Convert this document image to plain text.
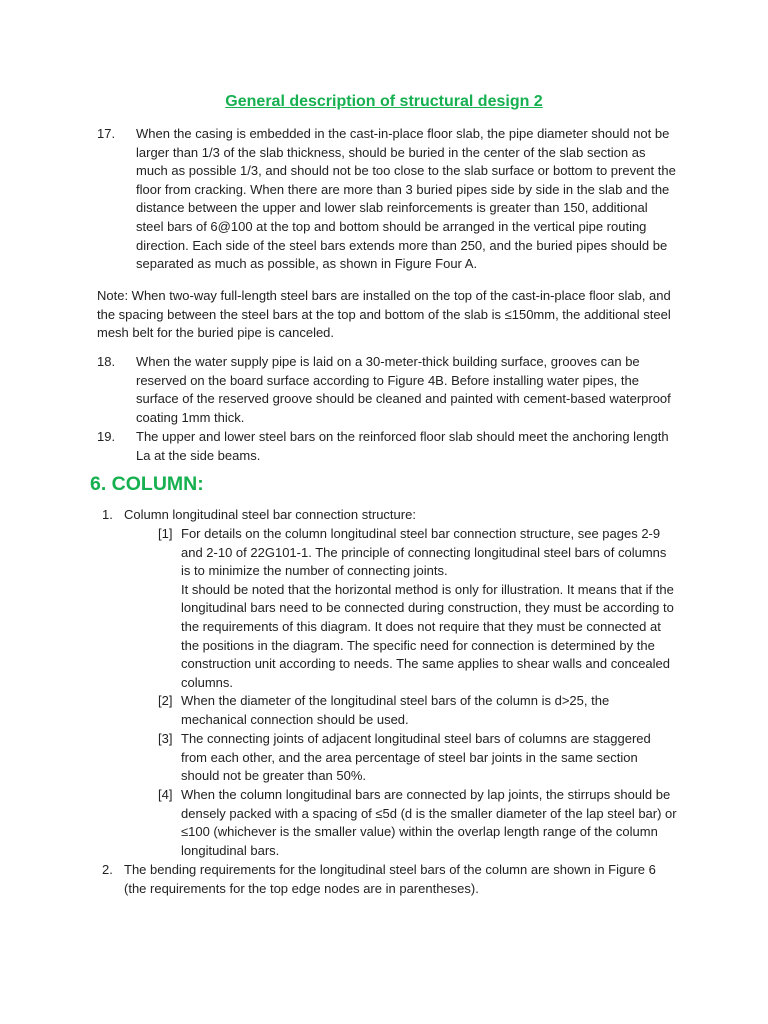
General description of structural design 2
17. When the casing is embedded in the cast-in-place floor slab, the pipe diameter should not be larger than 1/3 of the slab thickness, should be buried in the center of the slab section as much as possible 1/3, and should not be too close to the slab surface or bottom to prevent the floor from cracking. When there are more than 3 buried pipes side by side in the slab and the distance between the upper and lower slab reinforcements is greater than 150, additional steel bars of 6@100 at the top and bottom should be arranged in the vertical pipe routing direction. Each side of the steel bars extends more than 250, and the buried pipes should be separated as much as possible, as shown in Figure Four A.
Note: When two-way full-length steel bars are installed on the top of the cast-in-place floor slab, and the spacing between the steel bars at the top and bottom of the slab is ≤150mm, the additional steel mesh belt for the buried pipe is canceled.
18. When the water supply pipe is laid on a 30-meter-thick building surface, grooves can be reserved on the board surface according to Figure 4B. Before installing water pipes, the surface of the reserved groove should be cleaned and painted with cement-based waterproof coating 1mm thick.
19. The upper and lower steel bars on the reinforced floor slab should meet the anchoring length La at the side beams.
6. COLUMN:
1. Column longitudinal steel bar connection structure:
[1] For details on the column longitudinal steel bar connection structure, see pages 2-9 and 2-10 of 22G101-1. The principle of connecting longitudinal steel bars of columns is to minimize the number of connecting joints.
It should be noted that the horizontal method is only for illustration. It means that if the longitudinal bars need to be connected during construction, they must be according to the requirements of this diagram. It does not require that they must be connected at the positions in the diagram. The specific need for connection is determined by the construction unit according to needs. The same applies to shear walls and concealed columns.
[2] When the diameter of the longitudinal steel bars of the column is d>25, the mechanical connection should be used.
[3] The connecting joints of adjacent longitudinal steel bars of columns are staggered from each other, and the area percentage of steel bar joints in the same section should not be greater than 50%.
[4] When the column longitudinal bars are connected by lap joints, the stirrups should be densely packed with a spacing of ≤5d (d is the smaller diameter of the lap steel bar) or ≤100 (whichever is the smaller value) within the overlap length range of the column longitudinal bars.
2. The bending requirements for the longitudinal steel bars of the column are shown in Figure 6 (the requirements for the top edge nodes are in parentheses).
